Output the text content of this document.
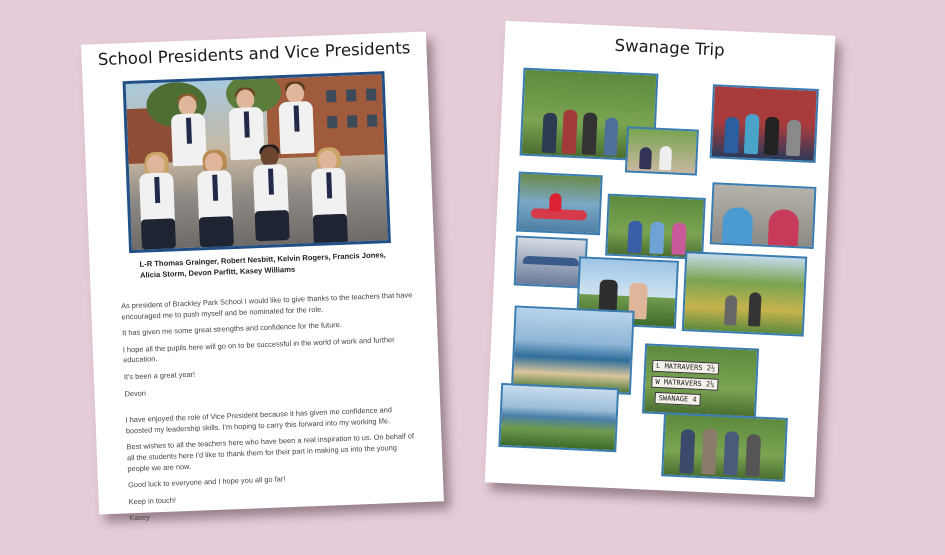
School Presidents and Vice Presidents
L-R Thomas Grainger, Robert Nesbitt, Kelvin Rogers, Francis Jones,
Alicia Storm, Devon Parfitt, Kasey Williams

As president of Brackley Park School I would like to give thanks to the teachers that have encouraged me to push myself and be nominated for the role.

It has given me some great strengths and confidence for the future.

I hope all the pupils here will go on to be successful in the world of work and further education.

It's been a great year!

Devon

I have enjoyed the role of Vice President because it has given me confidence and boosted my leadership skills. I'm hoping to carry this forward into my working life.

Best wishes to all the teachers here who have been a real inspiration to us. On behalf of all the students here I'd like to thank them for their part in making us into the young people we are now.

Good luck to everyone and I hope you all go far!

Keep in touch!

Kasey

Swanage Trip
L MATRAVERS 2½
W MATRAVERS 2¼
SWANAGE 4
